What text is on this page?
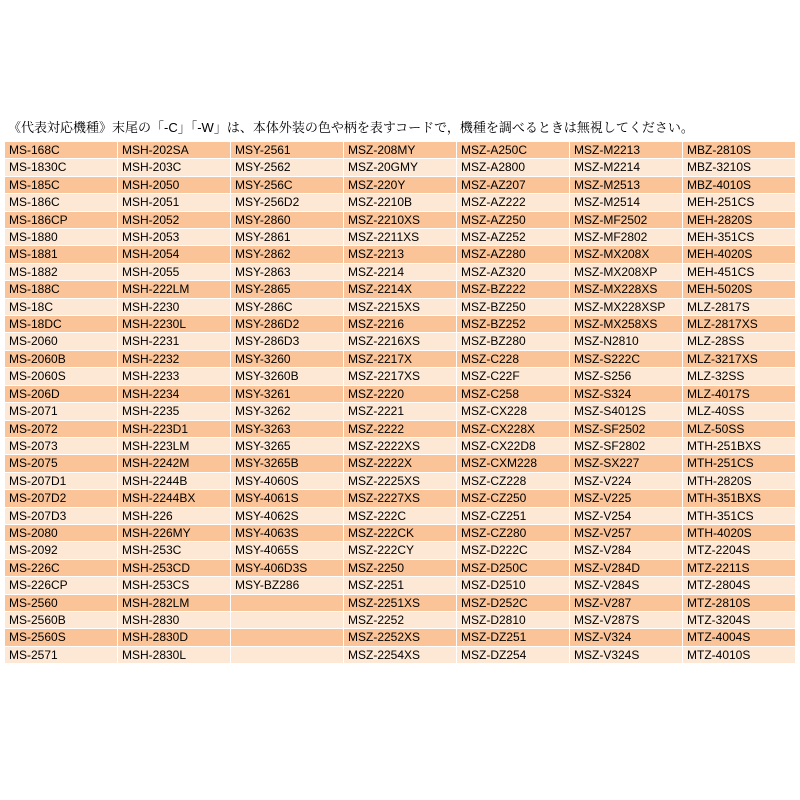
《代表対応機種》末尾の「-C」「-W」は、本体外装の色や柄を表すコードで，機種を調べるときは無視してください。
MS-168C	MSH-202SA	MSY-2561	MSZ-208MY	MSZ-A250C	MSZ-M2213	MBZ-2810S
MS-1830C	MSH-203C	MSY-2562	MSZ-20GMY	MSZ-A2800	MSZ-M2214	MBZ-3210S
MS-185C	MSH-2050	MSY-256C	MSZ-220Y	MSZ-AZ207	MSZ-M2513	MBZ-4010S
MS-186C	MSH-2051	MSY-256D2	MSZ-2210B	MSZ-AZ222	MSZ-M2514	MEH-251CS
MS-186CP	MSH-2052	MSY-2860	MSZ-2210XS	MSZ-AZ250	MSZ-MF2502	MEH-2820S
MS-1880	MSH-2053	MSY-2861	MSZ-2211XS	MSZ-AZ252	MSZ-MF2802	MEH-351CS
MS-1881	MSH-2054	MSY-2862	MSZ-2213	MSZ-AZ280	MSZ-MX208X	MEH-4020S
MS-1882	MSH-2055	MSY-2863	MSZ-2214	MSZ-AZ320	MSZ-MX208XP	MEH-451CS
MS-188C	MSH-222LM	MSY-2865	MSZ-2214X	MSZ-BZ222	MSZ-MX228XS	MEH-5020S
MS-18C	MSH-2230	MSY-286C	MSZ-2215XS	MSZ-BZ250	MSZ-MX228XSP	MLZ-2817S
MS-18DC	MSH-2230L	MSY-286D2	MSZ-2216	MSZ-BZ252	MSZ-MX258XS	MLZ-2817XS
MS-2060	MSH-2231	MSY-286D3	MSZ-2216XS	MSZ-BZ280	MSZ-N2810	MLZ-28SS
MS-2060B	MSH-2232	MSY-3260	MSZ-2217X	MSZ-C228	MSZ-S222C	MLZ-3217XS
MS-2060S	MSH-2233	MSY-3260B	MSZ-2217XS	MSZ-C22F	MSZ-S256	MLZ-32SS
MS-206D	MSH-2234	MSY-3261	MSZ-2220	MSZ-C258	MSZ-S324	MLZ-4017S
MS-2071	MSH-2235	MSY-3262	MSZ-2221	MSZ-CX228	MSZ-S4012S	MLZ-40SS
MS-2072	MSH-223D1	MSY-3263	MSZ-2222	MSZ-CX228X	MSZ-SF2502	MLZ-50SS
MS-2073	MSH-223LM	MSY-3265	MSZ-2222XS	MSZ-CX22D8	MSZ-SF2802	MTH-251BXS
MS-2075	MSH-2242M	MSY-3265B	MSZ-2222X	MSZ-CXM228	MSZ-SX227	MTH-251CS
MS-207D1	MSH-2244B	MSY-4060S	MSZ-2225XS	MSZ-CZ228	MSZ-V224	MTH-2820S
MS-207D2	MSH-2244BX	MSY-4061S	MSZ-2227XS	MSZ-CZ250	MSZ-V225	MTH-351BXS
MS-207D3	MSH-226	MSY-4062S	MSZ-222C	MSZ-CZ251	MSZ-V254	MTH-351CS
MS-2080	MSH-226MY	MSY-4063S	MSZ-222CK	MSZ-CZ280	MSZ-V257	MTH-4020S
MS-2092	MSH-253C	MSY-4065S	MSZ-222CY	MSZ-D222C	MSZ-V284	MTZ-2204S
MS-226C	MSH-253CD	MSY-406D3S	MSZ-2250	MSZ-D250C	MSZ-V284D	MTZ-2211S
MS-226CP	MSH-253CS	MSY-BZ286	MSZ-2251	MSZ-D2510	MSZ-V284S	MTZ-2804S
MS-2560	MSH-282LM		MSZ-2251XS	MSZ-D252C	MSZ-V287	MTZ-2810S
MS-2560B	MSH-2830		MSZ-2252	MSZ-D2810	MSZ-V287S	MTZ-3204S
MS-2560S	MSH-2830D		MSZ-2252XS	MSZ-DZ251	MSZ-V324	MTZ-4004S
MS-2571	MSH-2830L		MSZ-2254XS	MSZ-DZ254	MSZ-V324S	MTZ-4010S
